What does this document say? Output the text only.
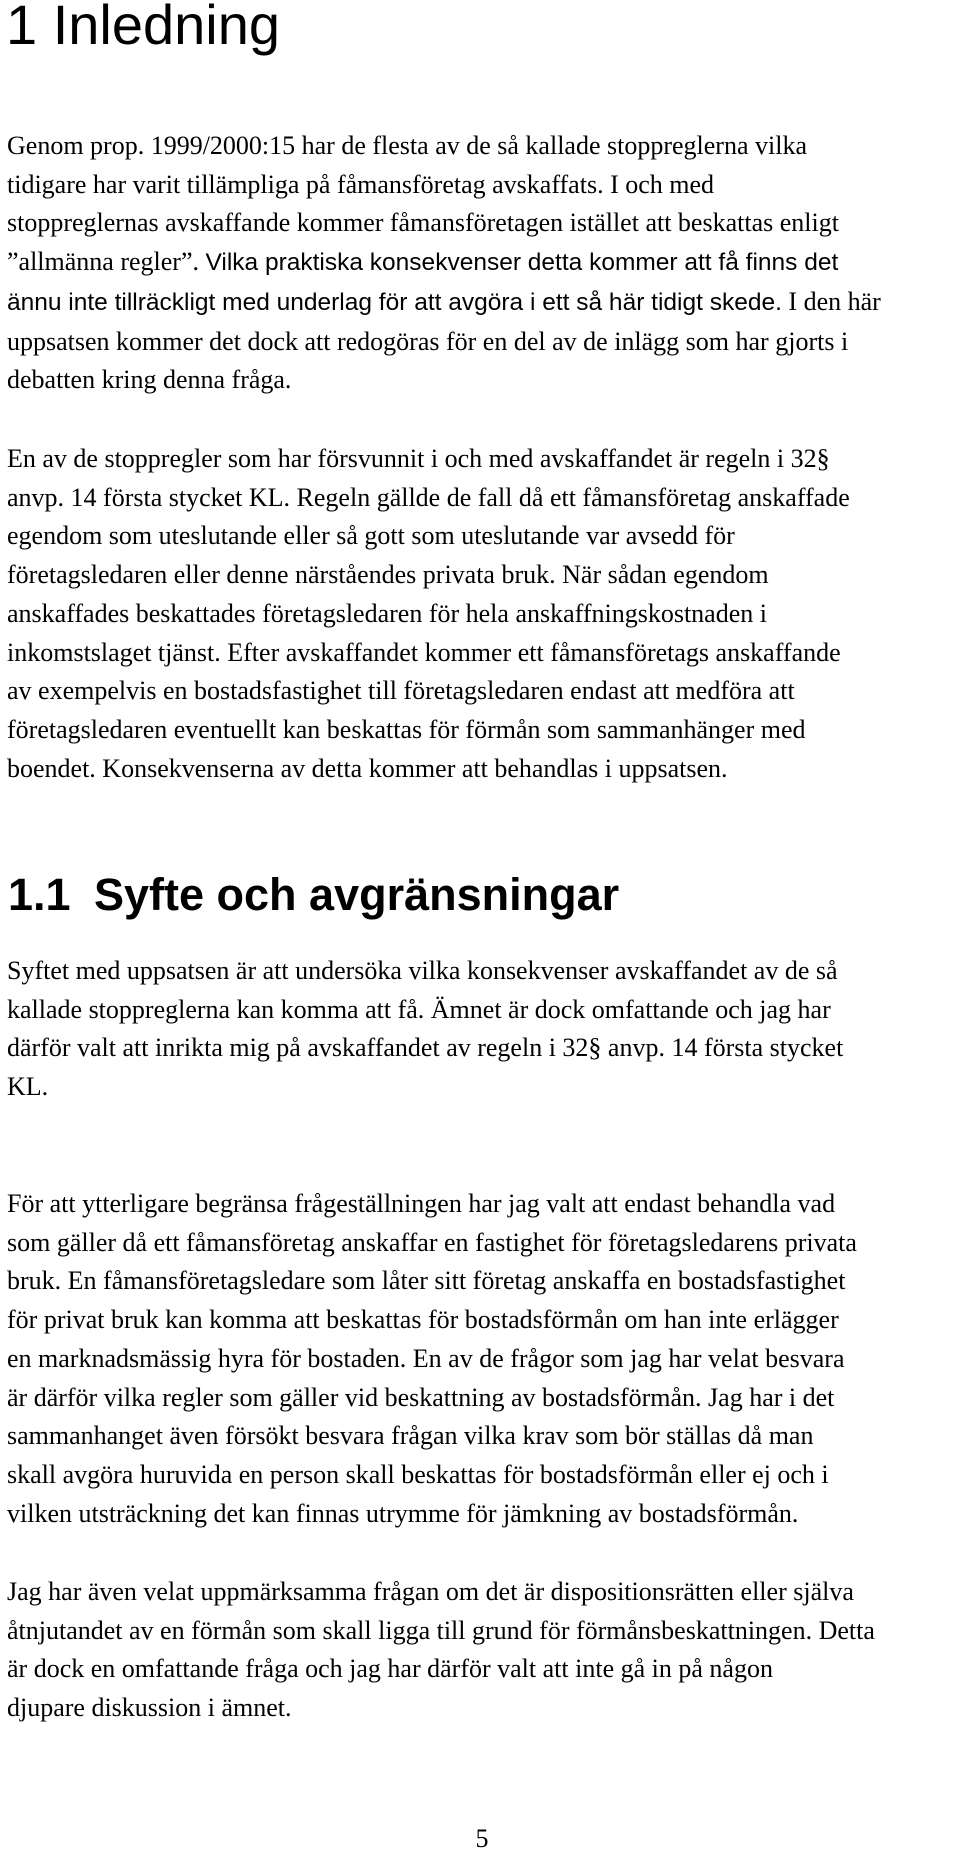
1 Inledning

Genom prop. 1999/2000:15 har de flesta av de så kallade stoppreglerna vilka
tidigare har varit tillämpliga på fåmansföretag avskaffats. I och med
stoppreglernas avskaffande kommer fåmansföretagen istället att beskattas enligt
”allmänna regler”. Vilka praktiska konsekvenser detta kommer att få finns det
ännu inte tillräckligt med underlag för att avgöra i ett så här tidigt skede. I den här
uppsatsen kommer det dock att redogöras för en del av de inlägg som har gjorts i
debatten kring denna fråga.

En av de stoppregler som har försvunnit i och med avskaffandet är regeln i 32§
anvp. 14 första stycket KL. Regeln gällde de fall då ett fåmansföretag anskaffade
egendom som uteslutande eller så gott som uteslutande var avsedd för
företagsledaren eller denne närståendes privata bruk. När sådan egendom
anskaffades beskattades företagsledaren för hela anskaffningskostnaden i
inkomstslaget tjänst. Efter avskaffandet kommer ett fåmansföretags anskaffande
av exempelvis en bostadsfastighet till företagsledaren endast att medföra att
företagsledaren eventuellt kan beskattas för förmån som sammanhänger med
boendet. Konsekvenserna av detta kommer att behandlas i uppsatsen.

1.1 Syfte och avgränsningar

Syftet med uppsatsen är att undersöka vilka konsekvenser avskaffandet av de så
kallade stoppreglerna kan komma att få. Ämnet är dock omfattande och jag har
därför valt att inrikta mig på avskaffandet av regeln i 32§ anvp. 14 första stycket
KL.

För att ytterligare begränsa frågeställningen har jag valt att endast behandla vad
som gäller då ett fåmansföretag anskaffar en fastighet för företagsledarens privata
bruk. En fåmansföretagsledare som låter sitt företag anskaffa en bostadsfastighet
för privat bruk kan komma att beskattas för bostadsförmån om han inte erlägger
en marknadsmässig hyra för bostaden. En av de frågor som jag har velat besvara
är därför vilka regler som gäller vid beskattning av bostadsförmån. Jag har i det
sammanhanget även försökt besvara frågan vilka krav som bör ställas då man
skall avgöra huruvida en person skall beskattas för bostadsförmån eller ej och i
vilken utsträckning det kan finnas utrymme för jämkning av bostadsförmån.

Jag har även velat uppmärksamma frågan om det är dispositionsrätten eller själva
åtnjutandet av en förmån som skall ligga till grund för förmånsbeskattningen. Detta
är dock en omfattande fråga och jag har därför valt att inte gå in på någon
djupare diskussion i ämnet.

5
